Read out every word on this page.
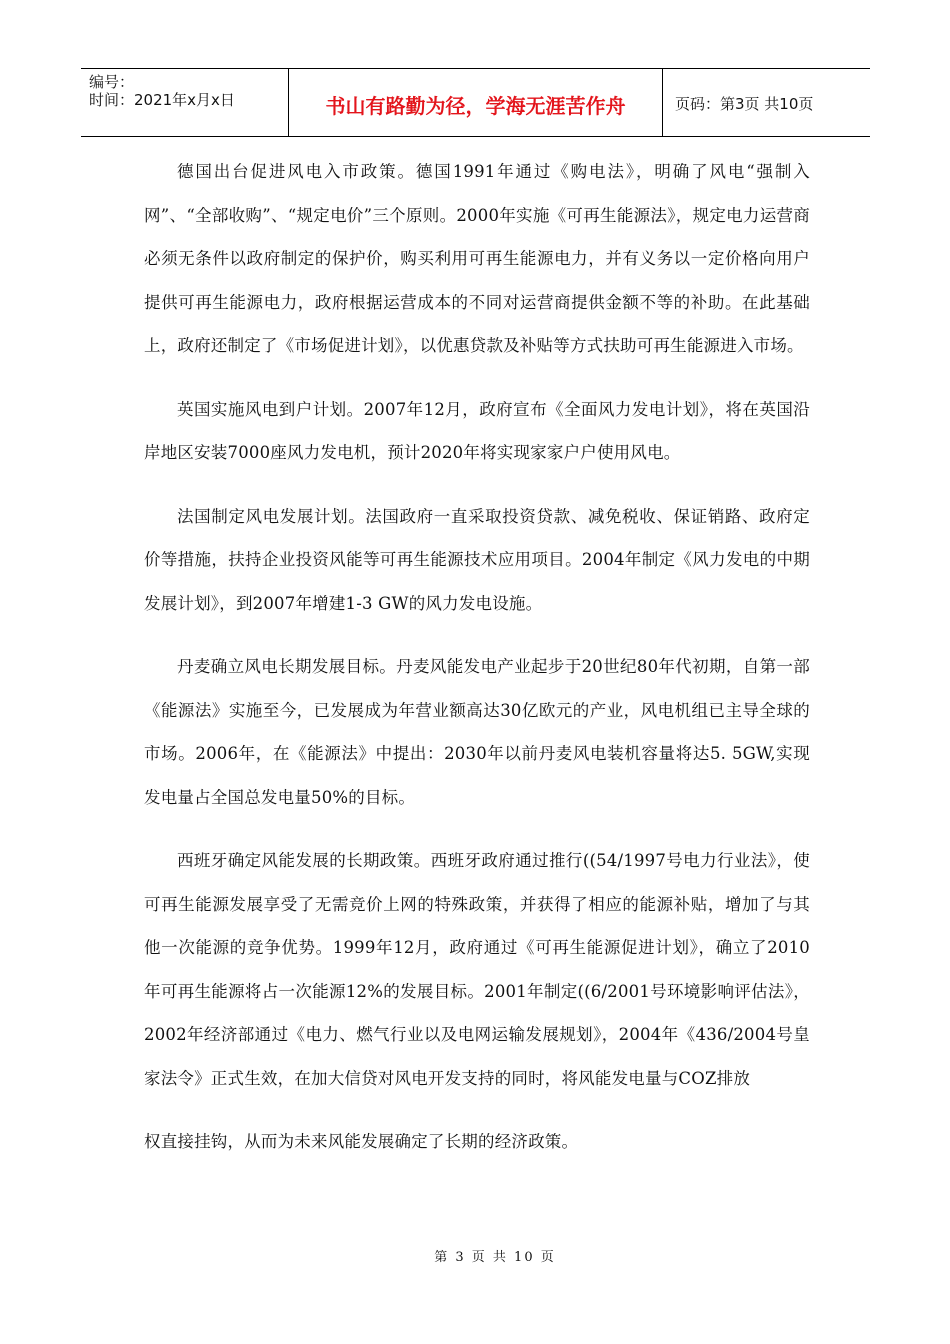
编号：
时间：2021年x月x日	书山有路勤为径，学海无涯苦作舟	页码：第3页 共10页

德国出台促进风电入市政策。德国1991年通过《购电法》，明确了风电“强制入网”、“全部收购”、“规定电价”三个原则。2000年实施《可再生能源法》，规定电力运营商必须无条件以政府制定的保护价，购买利用可再生能源电力，并有义务以一定价格向用户提供可再生能源电力，政府根据运营成本的不同对运营商提供金额不等的补助。在此基础上，政府还制定了《市场促进计划》，以优惠贷款及补贴等方式扶助可再生能源进入市场。

英国实施风电到户计划。2007年12月，政府宣布《全面风力发电计划》，将在英国沿岸地区安装7000座风力发电机，预计2020年将实现家家户户使用风电。

法国制定风电发展计划。法国政府一直采取投资贷款、减免税收、保证销路、政府定价等措施，扶持企业投资风能等可再生能源技术应用项目。2004年制定《风力发电的中期发展计划》，到2007年增建1-3 GW的风力发电设施。

丹麦确立风电长期发展目标。丹麦风能发电产业起步于20世纪80年代初期，自第一部《能源法》实施至今，已发展成为年营业额高达30亿欧元的产业，风电机组已主导全球的市场。2006年，在《能源法》中提出：2030年以前丹麦风电装机容量将达5. 5GW,实现发电量占全国总发电量50%的目标。

西班牙确定风能发展的长期政策。西班牙政府通过推行((54/1997号电力行业法》，使可再生能源发展享受了无需竞价上网的特殊政策，并获得了相应的能源补贴，增加了与其他一次能源的竞争优势。1999年12月，政府通过《可再生能源促进计划》，确立了2010年可再生能源将占一次能源12%的发展目标。2001年制定((6/2001号环境影响评估法》，2002年经济部通过《电力、燃气行业以及电网运输发展规划》，2004年《436/2004号皇家法令》正式生效，在加大信贷对风电开发支持的同时，将风能发电量与COZ排放

权直接挂钩，从而为未来风能发展确定了长期的经济政策。

第 3 页 共 10 页
